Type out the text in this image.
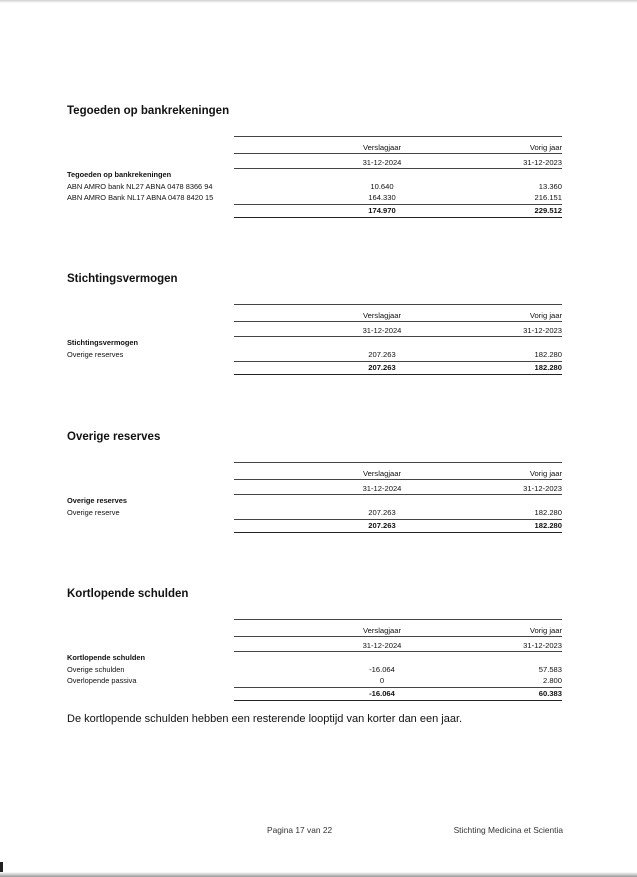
Tegoeden op bankrekeningen
Verslagjaar	Vorig jaar
31-12-2024	31-12-2023
Tegoeden op bankrekeningen
ABN AMRO bank NL27 ABNA 0478 8366 94	10.640	13.360
ABN AMRO Bank NL17 ABNA 0478 8420 15	164.330	216.151
174.970	229.512
Stichtingsvermogen
Verslagjaar	Vorig jaar
31-12-2024	31-12-2023
Stichtingsvermogen
Overige reserves	207.263	182.280
207.263	182.280
Overige reserves
Verslagjaar	Vorig jaar
31-12-2024	31-12-2023
Overige reserves
Overige reserve	207.263	182.280
207.263	182.280
Kortlopende schulden
Verslagjaar	Vorig jaar
31-12-2024	31-12-2023
Kortlopende schulden
Overige schulden	-16.064	57.583
Overlopende passiva	0	2.800
-16.064	60.383

De kortlopende schulden hebben een resterende looptijd van korter dan een jaar.

Pagina 17 van 22	Stichting Medicina et Scientia
